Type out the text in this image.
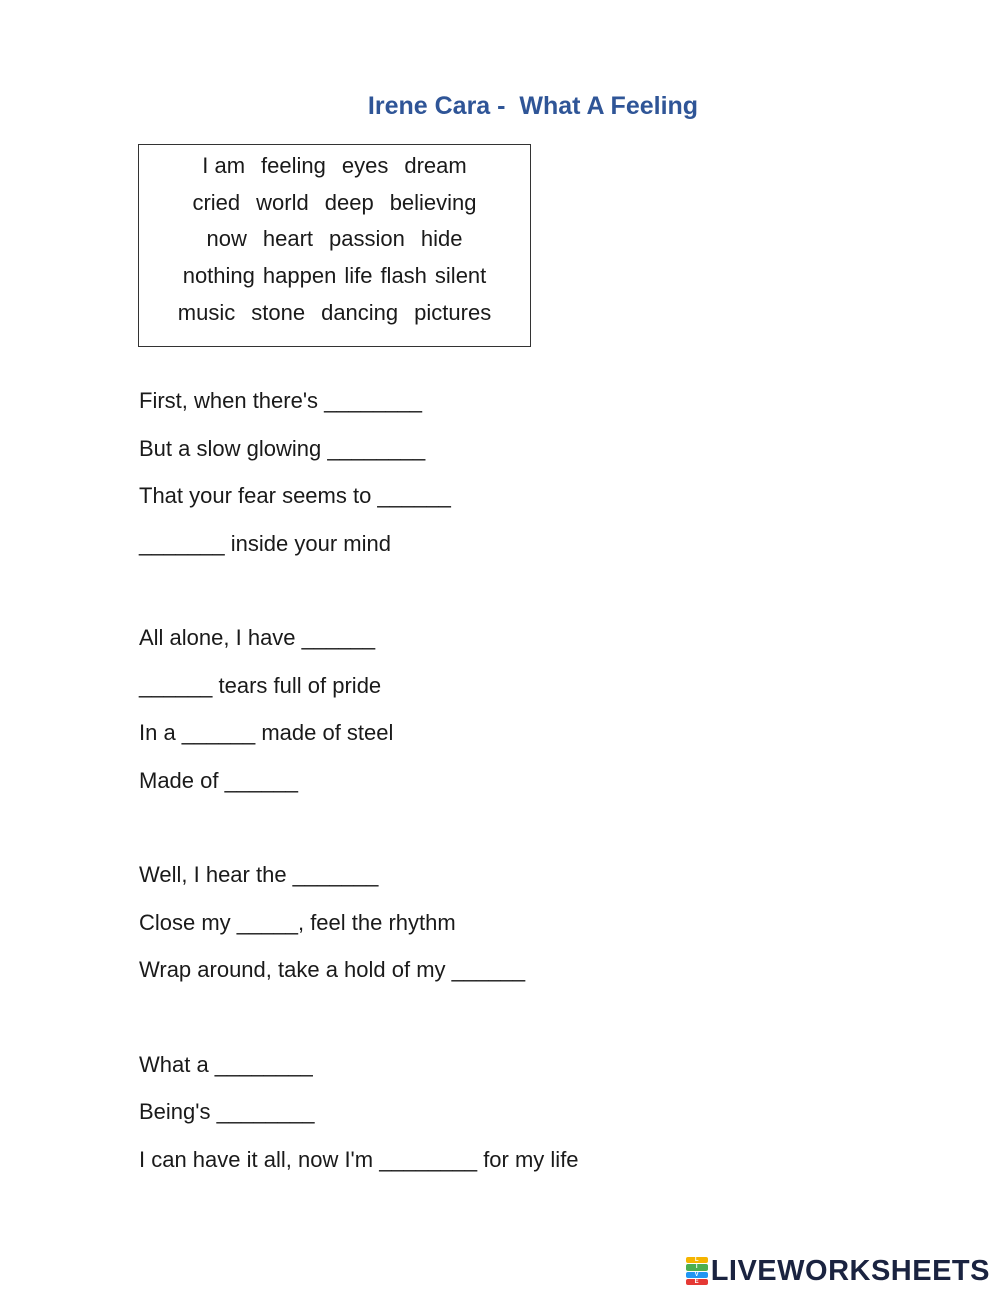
Irene Cara -  What A Feeling
I am feeling eyes dream
cried world deep believing
now heart passion hide
nothing happen life flash silent
music stone dancing pictures
First, when there's ________
But a slow glowing ________
That your fear seems to ______
_______ inside your mind
All alone, I have ______
______ tears full of pride
In a ______ made of steel
Made of ______
Well, I hear the _______
Close my _____, feel the rhythm
Wrap around, take a hold of my ______
What a ________
Being's ________
I can have it all, now I'm ________ for my life
L
I
V
E LIVEWORKSHEETS
